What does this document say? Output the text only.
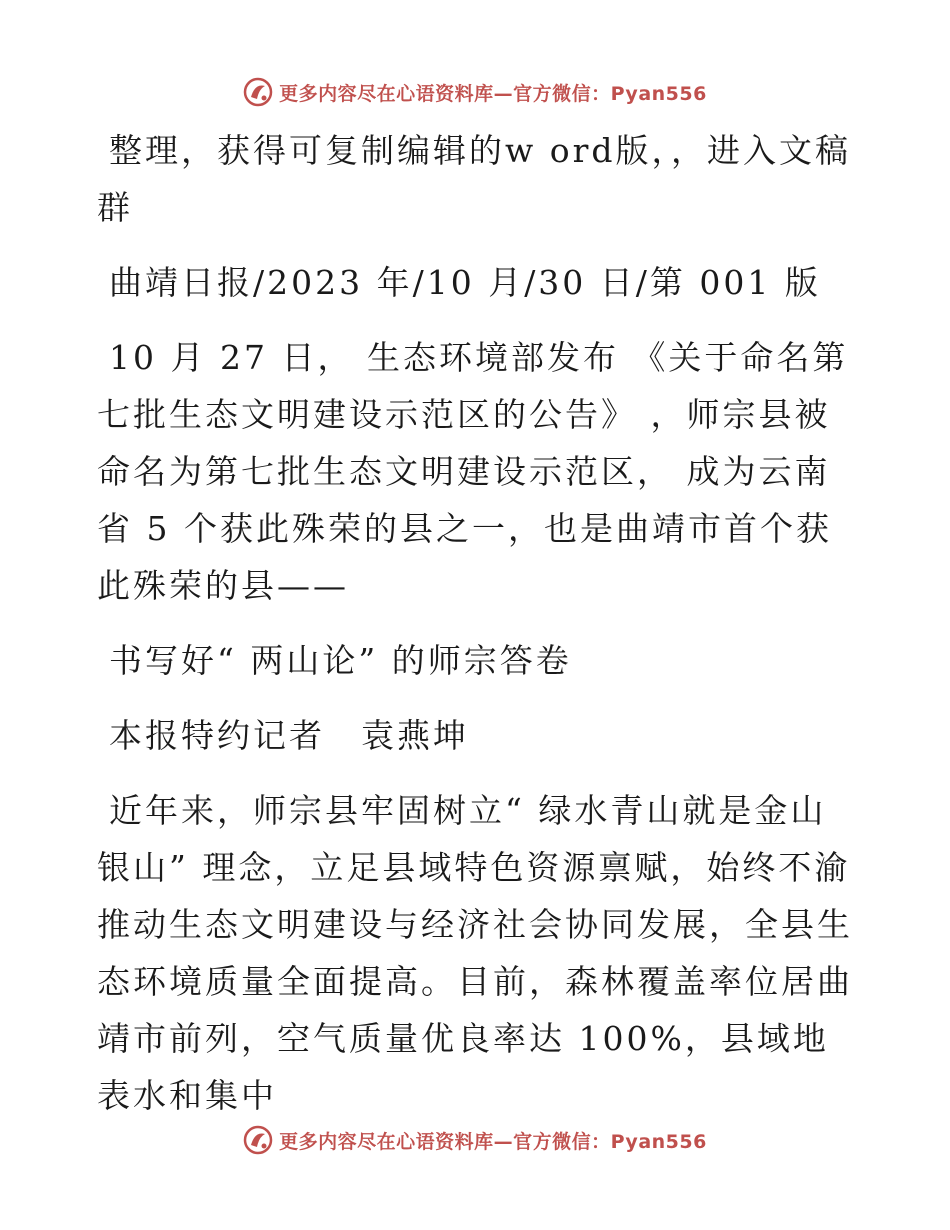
更多内容尽在心语资料库—官方微信：Pyan556

整理，获得可复制编辑的w ord版，，进入文稿群

曲靖日报/2023 年/10 月/30 日/第 001 版

10 月 27 日， 生态环境部发布 《关于命名第七批生态文明建设示范区的公告》 ，师宗县被命名为第七批生态文明建设示范区， 成为云南省 5 个获此殊荣的县之一，也是曲靖市首个获此殊荣的县——

书写好“ 两山论” 的师宗答卷

本报特约记者　袁燕坤

近年来，师宗县牢固树立“ 绿水青山就是金山银山” 理念，立足县域特色资源禀赋，始终不渝推动生态文明建设与经济社会协同发展，全县生态环境质量全面提高。目前，森林覆盖率位居曲靖市前列，空气质量优良率达 100%，县域地表水和集中

更多内容尽在心语资料库—官方微信：Pyan556
